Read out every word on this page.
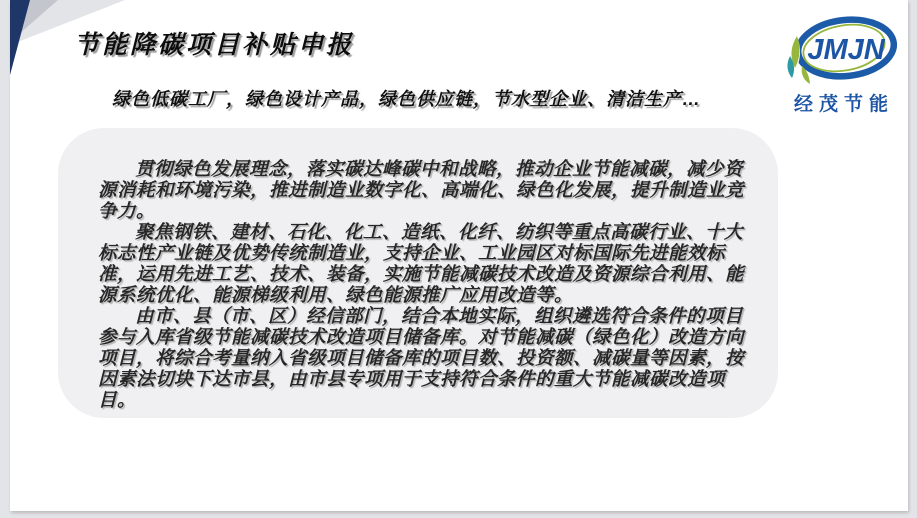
节能降碳项目补贴申报
绿色低碳工厂，绿色设计产品，绿色供应链，节水型企业、清洁生产…

贯彻绿色发展理念，落实碳达峰碳中和战略，推动企业节能减碳，减少资源消耗和环境污染，推进制造业数字化、高端化、绿色化发展，提升制造业竞争力。

聚焦钢铁、建材、石化、化工、造纸、化纤、纺织等重点高碳行业、十大标志性产业链及优势传统制造业，支持企业、工业园区对标国际先进能效标准，运用先进工艺、技术、装备，实施节能减碳技术改造及资源综合利用、能源系统优化、能源梯级利用、绿色能源推广应用改造等。

由市、县（市、区）经信部门，结合本地实际，组织遴选符合条件的项目参与入库省级节能减碳技术改造项目储备库。对节能减碳（绿色化）改造方向项目，将综合考量纳入省级项目储备库的项目数、投资额、减碳量等因素，按因素法切块下达市县，由市县专项用于支持符合条件的重大节能减碳改造项目。

JMJN
经茂节能
